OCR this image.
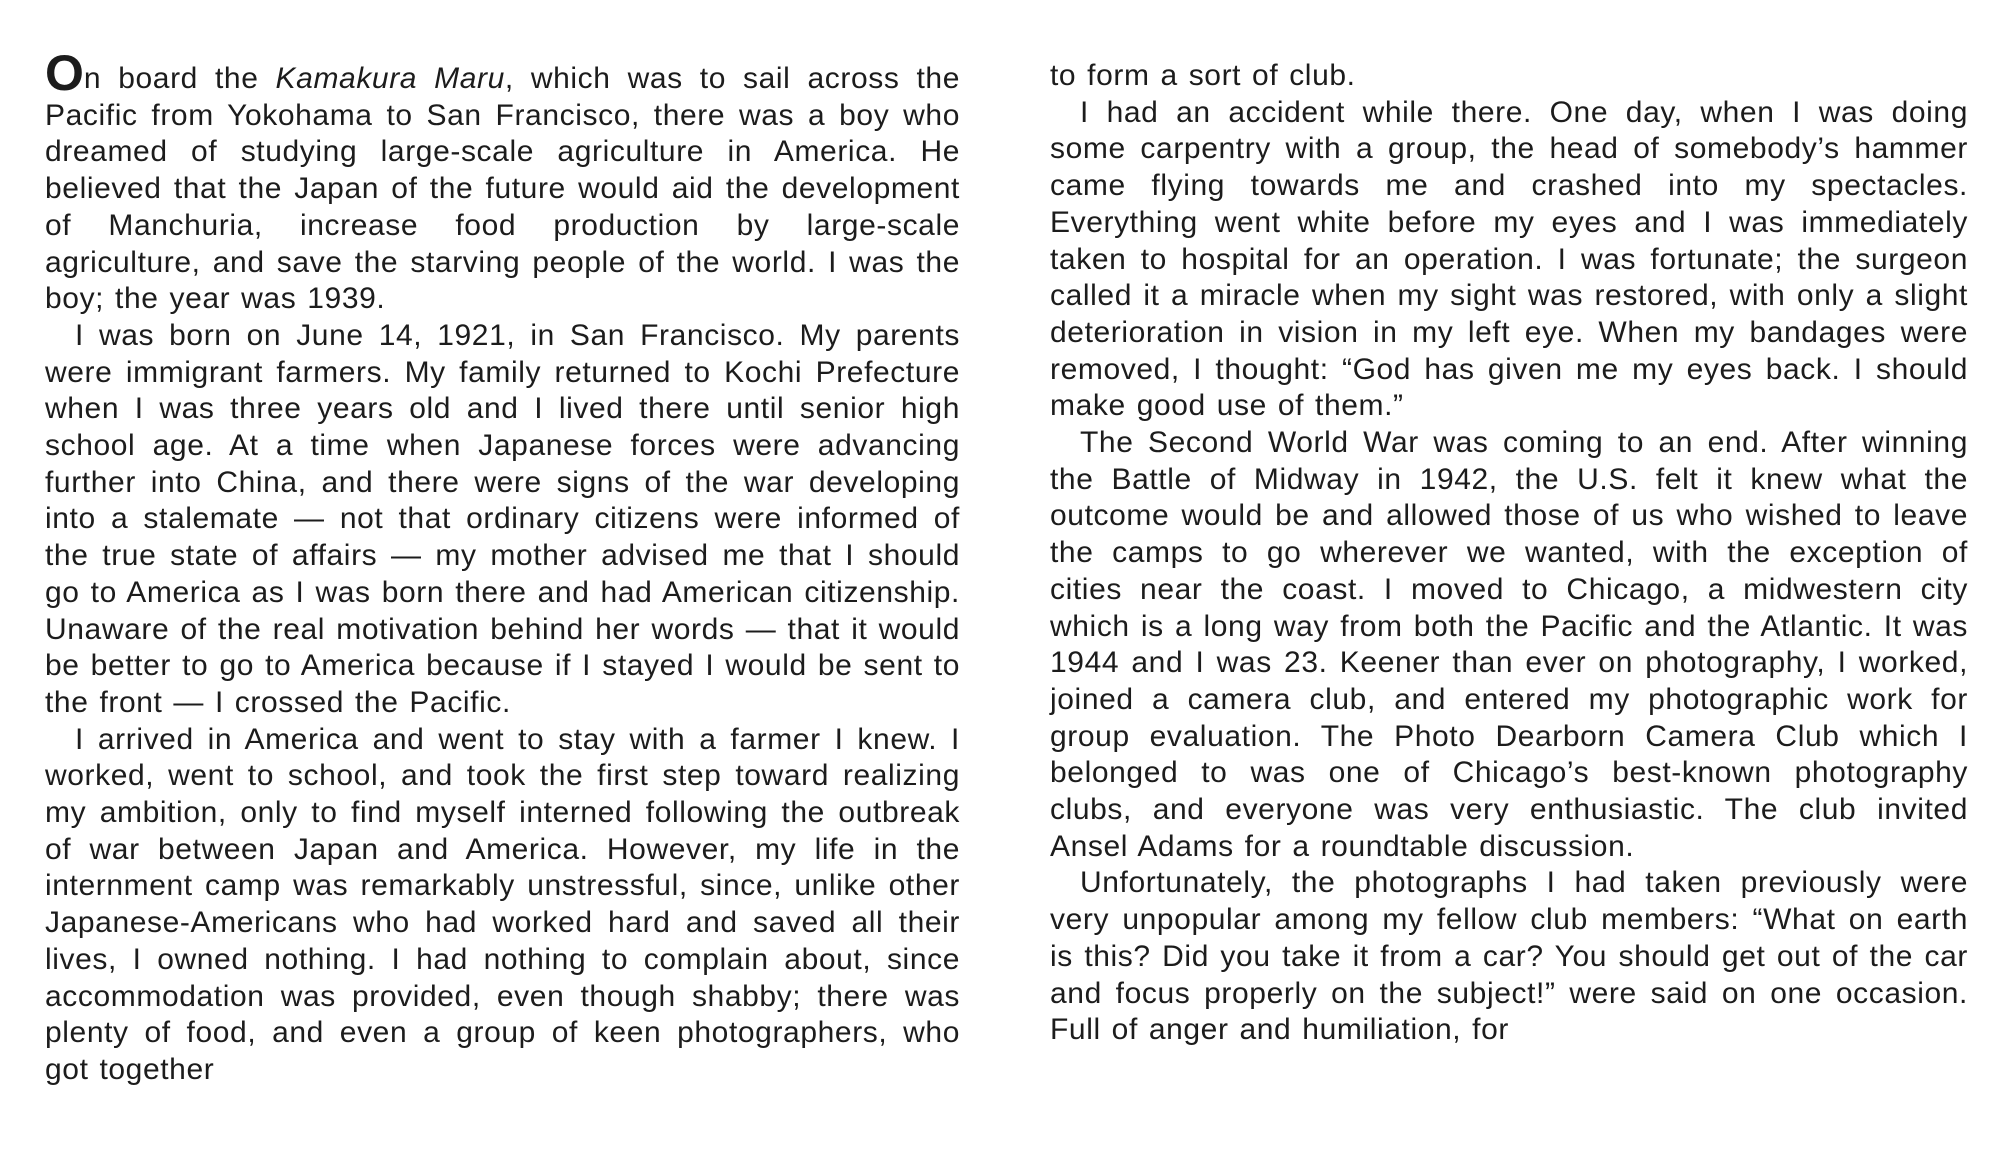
On board the Kamakura Maru, which was to sail across the Pacific from Yokohama to San Francisco, there was a boy who dreamed of studying large-scale agriculture in America. He believed that the Japan of the future would aid the development of Manchuria, increase food production by large-scale agriculture, and save the starving people of the world. I was the boy; the year was 1939.

I was born on June 14, 1921, in San Francisco. My parents were immigrant farmers. My family returned to Kochi Prefecture when I was three years old and I lived there until senior high school age. At a time when Japanese forces were advancing further into China, and there were signs of the war developing into a stalemate — not that ordinary citizens were informed of the true state of affairs — my mother advised me that I should go to America as I was born there and had American citizenship. Unaware of the real motivation behind her words — that it would be better to go to America because if I stayed I would be sent to the front — I crossed the Pacific.

I arrived in America and went to stay with a farmer I knew. I worked, went to school, and took the first step toward realizing my ambition, only to find myself interned following the outbreak of war between Japan and America. However, my life in the internment camp was remarkably unstressful, since, unlike other Japanese-Americans who had worked hard and saved all their lives, I owned nothing. I had nothing to complain about, since accommodation was provided, even though shabby; there was plenty of food, and even a group of keen photographers, who got together

to form a sort of club.

I had an accident while there. One day, when I was doing some carpentry with a group, the head of somebody’s hammer came flying towards me and crashed into my spectacles. Everything went white before my eyes and I was immediately taken to hospital for an operation. I was fortunate; the surgeon called it a miracle when my sight was restored, with only a slight deterioration in vision in my left eye. When my bandages were removed, I thought: “God has given me my eyes back. I should make good use of them.”

The Second World War was coming to an end. After winning the Battle of Midway in 1942, the U.S. felt it knew what the outcome would be and allowed those of us who wished to leave the camps to go wherever we wanted, with the exception of cities near the coast. I moved to Chicago, a midwestern city which is a long way from both the Pacific and the Atlantic. It was 1944 and I was 23. Keener than ever on photography, I worked, joined a camera club, and entered my photographic work for group evaluation. The Photo Dearborn Camera Club which I belonged to was one of Chicago’s best-known photography clubs, and everyone was very enthusiastic. The club invited Ansel Adams for a roundtable discussion.

Unfortunately, the photographs I had taken previously were very unpopular among my fellow club members: “What on earth is this? Did you take it from a car? You should get out of the car and focus properly on the subject!” were said on one occasion. Full of anger and humiliation, for
